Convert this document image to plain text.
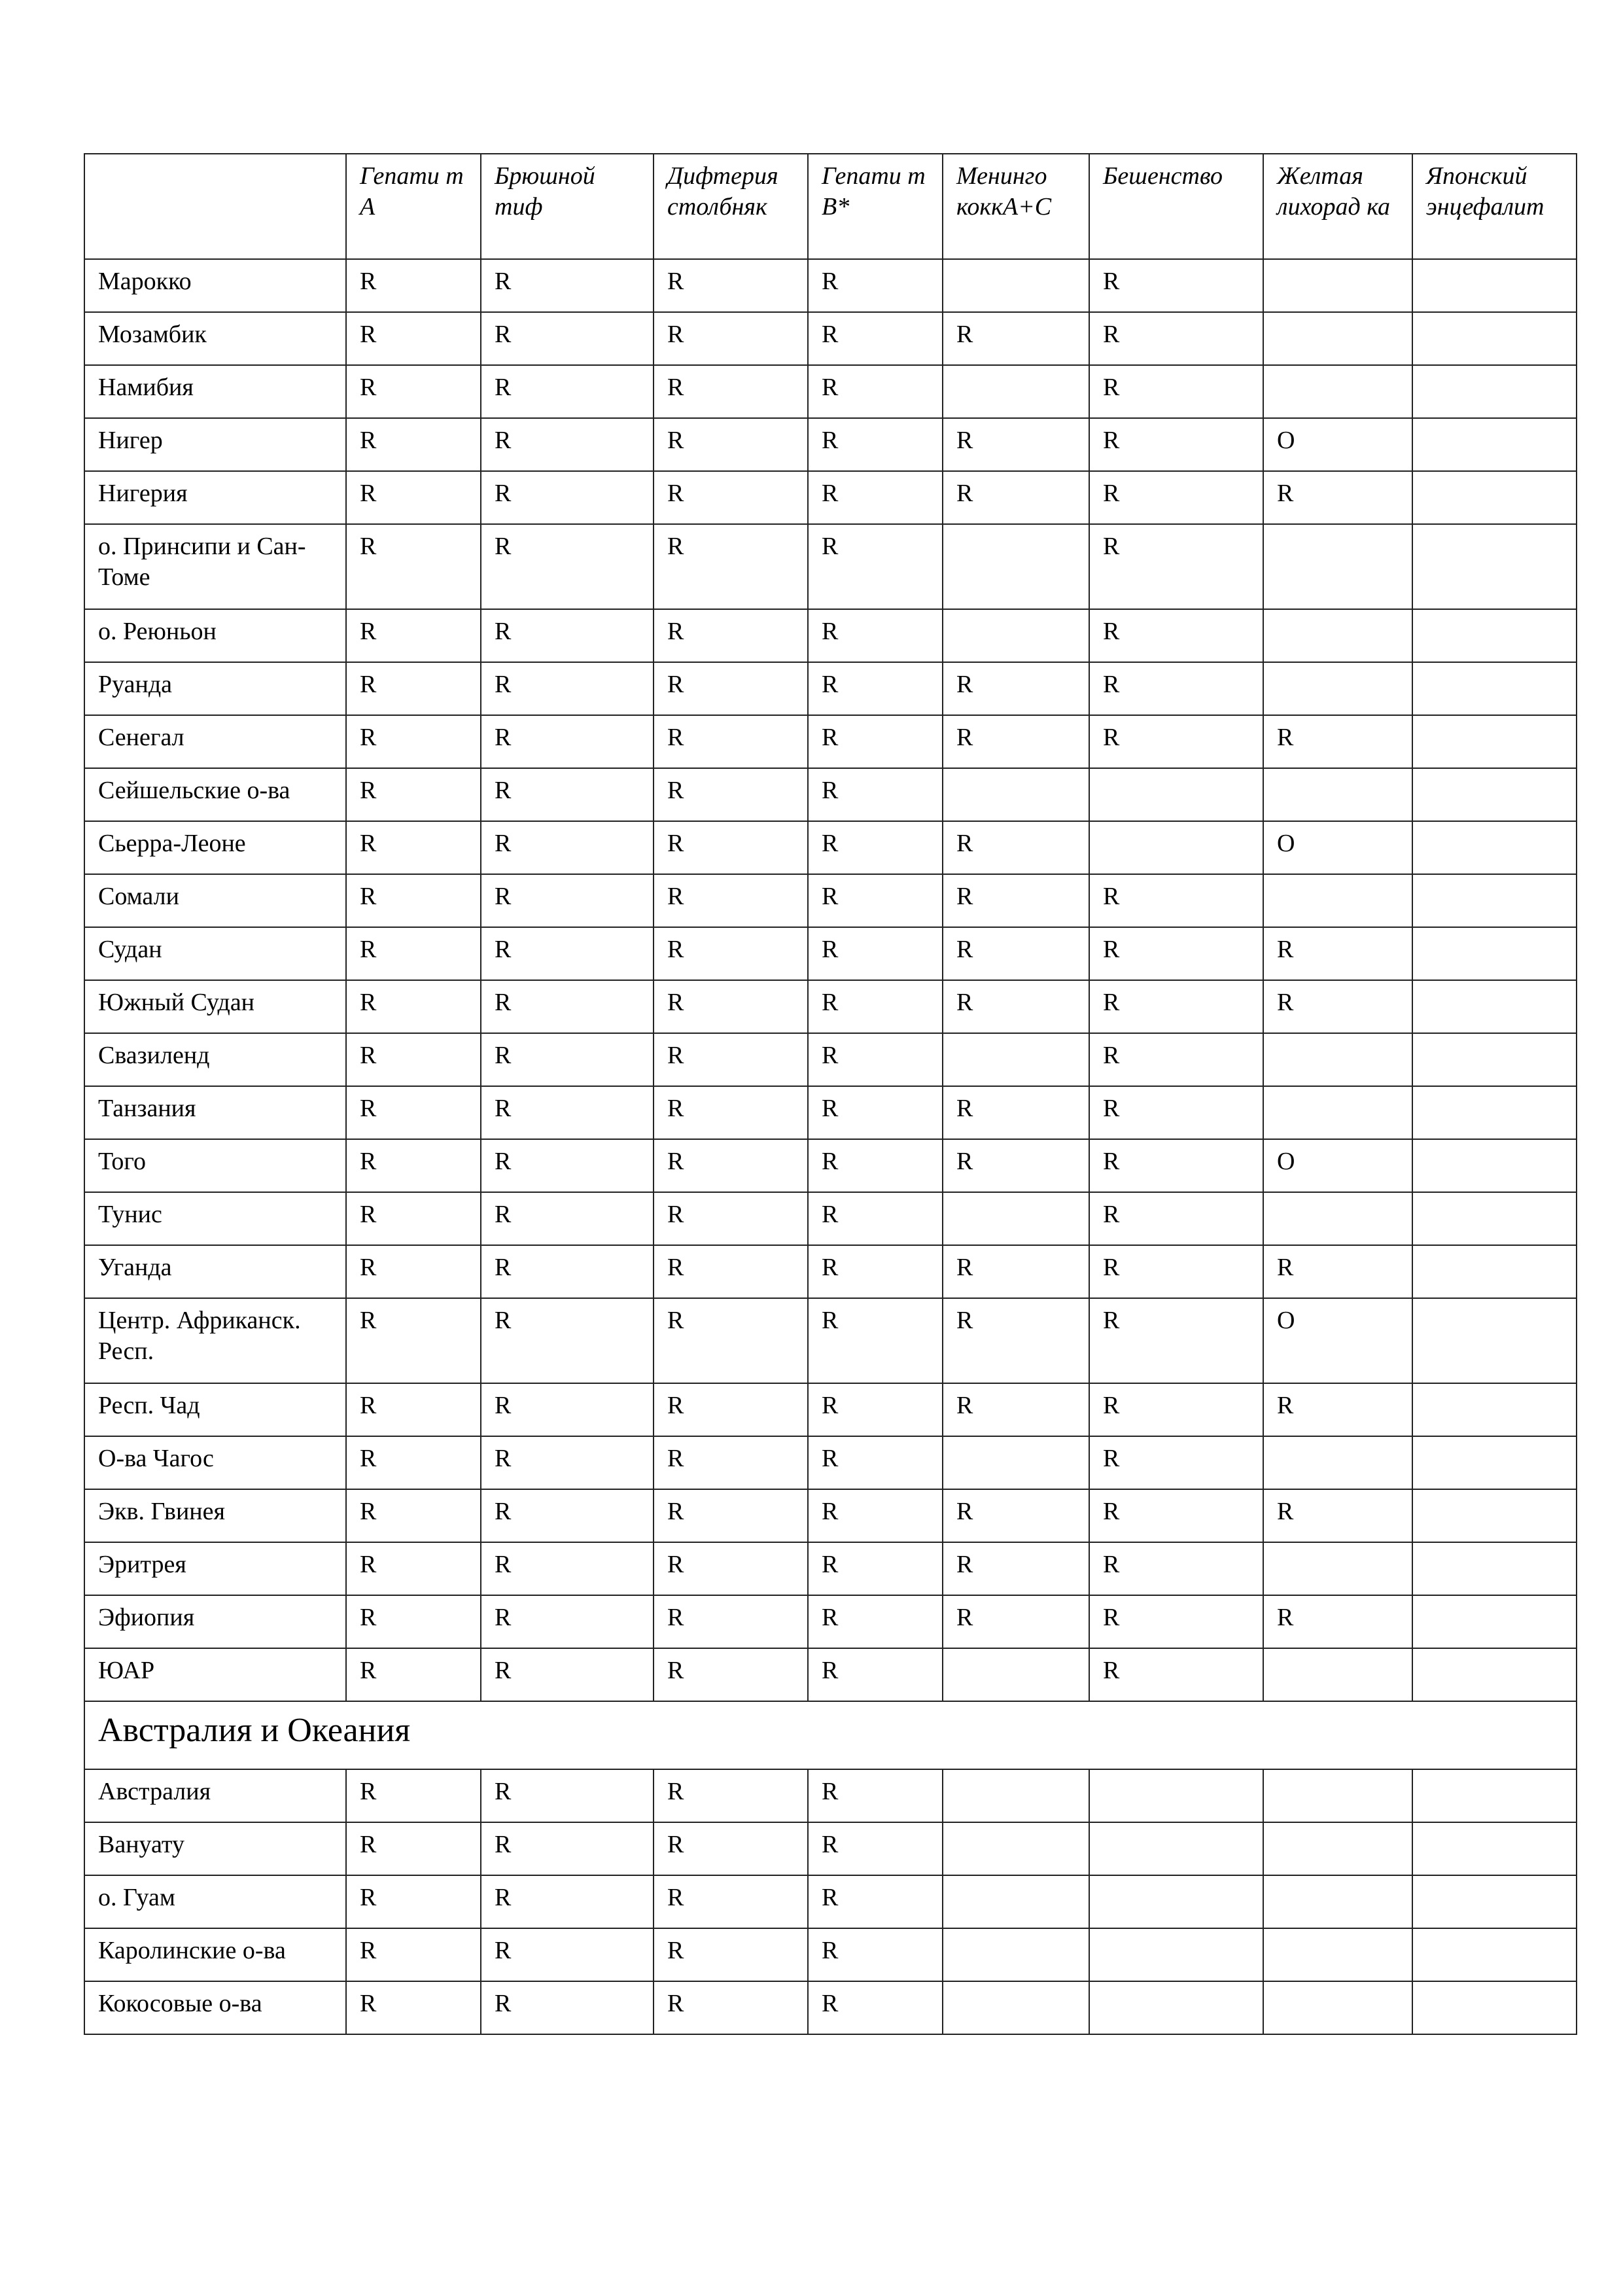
	Гепати т А	Брюшной тиф	Дифтерия столбняк	Гепати т В*	Менинго коккА+С	Бешенство	Желтая лихорад ка	Японский энцефалит
Марокко	R	R	R	R		R		
Мозамбик	R	R	R	R	R	R		
Намибия	R	R	R	R		R		
Нигер	R	R	R	R	R	R	O	
Нигерия	R	R	R	R	R	R	R	
о. Принсипи и Сан-Томе	R	R	R	R		R		
о. Реюньон	R	R	R	R		R		
Руанда	R	R	R	R	R	R		
Сенегал	R	R	R	R	R	R	R	
Сейшельские о-ва	R	R	R	R				
Сьерра-Леоне	R	R	R	R	R		O	
Сомали	R	R	R	R	R	R		
Судан	R	R	R	R	R	R	R	
Южный Судан	R	R	R	R	R	R	R	
Свазиленд	R	R	R	R		R		
Танзания	R	R	R	R	R	R		
Того	R	R	R	R	R	R	O	
Тунис	R	R	R	R		R		
Уганда	R	R	R	R	R	R	R	
Центр. Африканск. Респ.	R	R	R	R	R	R	O	
Респ. Чад	R	R	R	R	R	R	R	
О-ва Чагос	R	R	R	R		R		
Экв. Гвинея	R	R	R	R	R	R	R	
Эритрея	R	R	R	R	R	R		
Эфиопия	R	R	R	R	R	R	R	
ЮАР	R	R	R	R		R		
Австралия и Океания								
Австралия	R	R	R	R				
Вануату	R	R	R	R				
о. Гуам	R	R	R	R				
Каролинские о-ва	R	R	R	R				
Кокосовые о-ва	R	R	R	R				
